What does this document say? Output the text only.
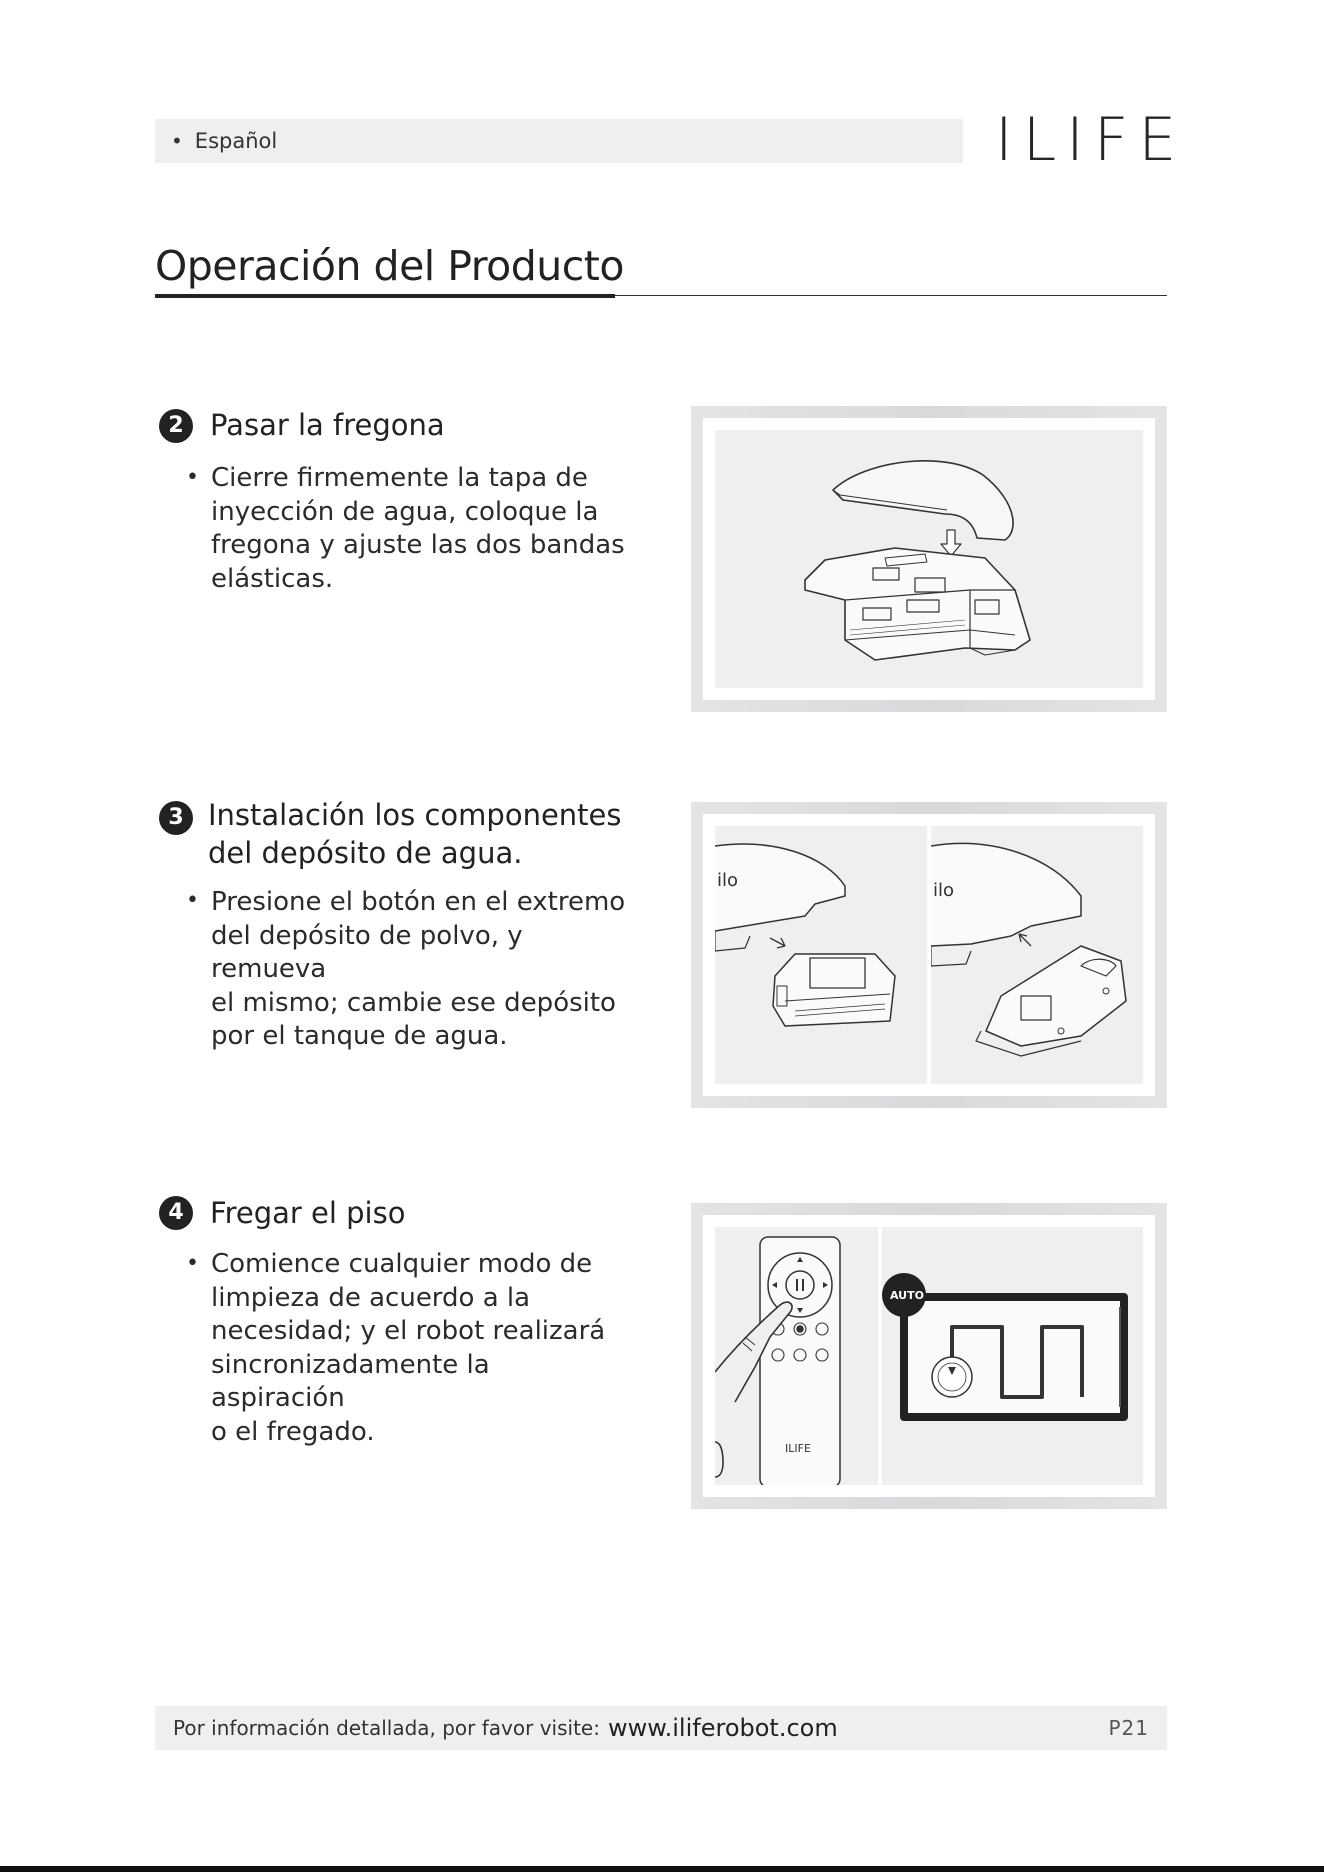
• Español	ILIFE
Operación del Producto
2 Pasar la fregona
• Cierre firmemente la tapa de
inyección de agua, coloque la
fregona y ajuste las dos bandas
elásticas.
3 Instalación los componentes
del depósito de agua.
• Presione el botón en el extremo
del depósito de polvo, y remueva
el mismo; cambie ese depósito
por el tanque de agua.
ilo	ilo
4 Fregar el piso
• Comience cualquier modo de
limpieza de acuerdo a la
necesidad; y el robot realizará
sincronizadamente la aspiración
o el fregado.
ILIFE
AUTO
Por información detallada, por favor visite: www.iliferobot.com	P21
